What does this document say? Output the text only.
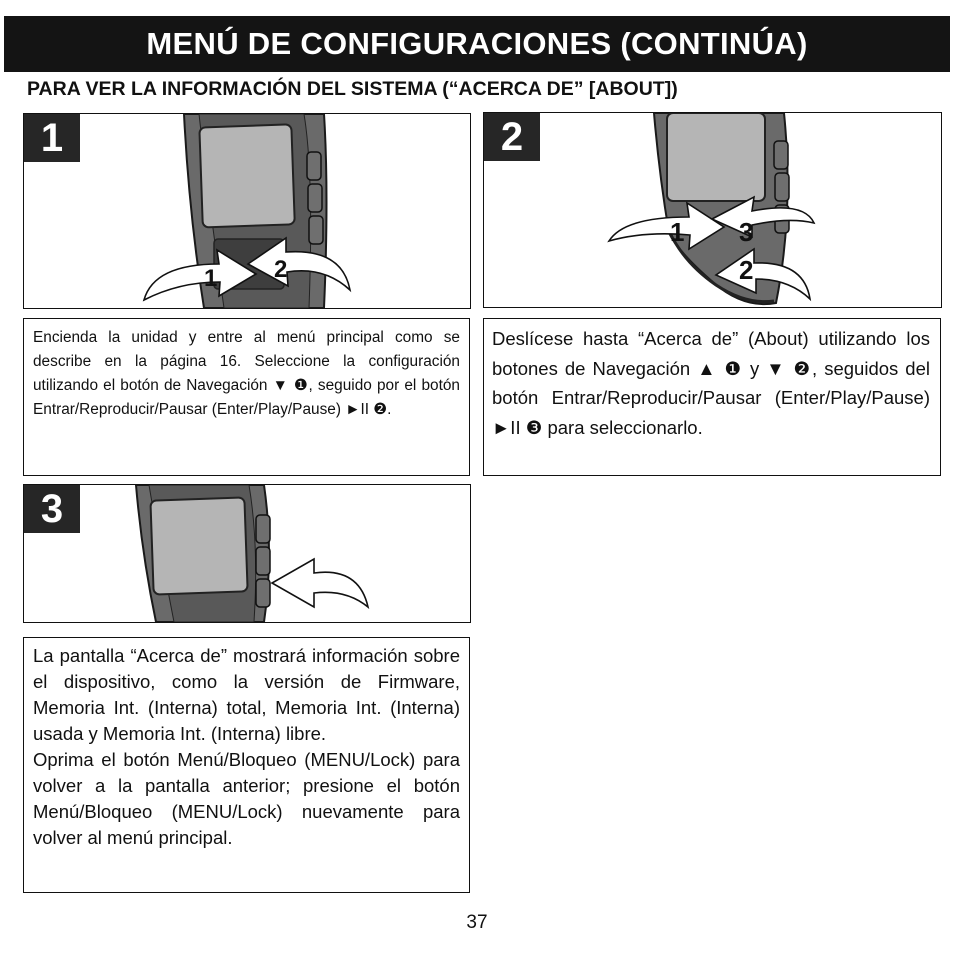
MENÚ DE CONFIGURACIONES (CONTINÚA)
PARA VER LA INFORMACIÓN DEL SISTEMA (“ACERCA DE” [ABOUT])
1 2
1
1 3
2
2

Encienda la unidad y entre al menú principal como se describe en la página 16. Seleccione la configuración utilizando el botón de Navegación ▼ ❶, seguido por el botón Entrar/Reproducir/Pausar (Enter/Play/Pause) ►II ❷.

Deslícese hasta “Acerca de” (About) utilizando los botones de Navegación ▲ ❶ y ▼ ❷, seguidos del botón Entrar/Reproducir/Pausar (Enter/Play/Pause) ►II ❸ para seleccionarlo.

3

La pantalla “Acerca de” mostrará información sobre el dispositivo, como la versión de Firmware, Memoria Int. (Interna) total, Memoria Int. (Interna) usada y Memoria Int. (Interna) libre.

Oprima el botón Menú/Bloqueo (MENU/Lock) para volver a la pantalla anterior; presione el botón Menú/Bloqueo (MENU/Lock) nuevamente para volver al menú principal.

37
